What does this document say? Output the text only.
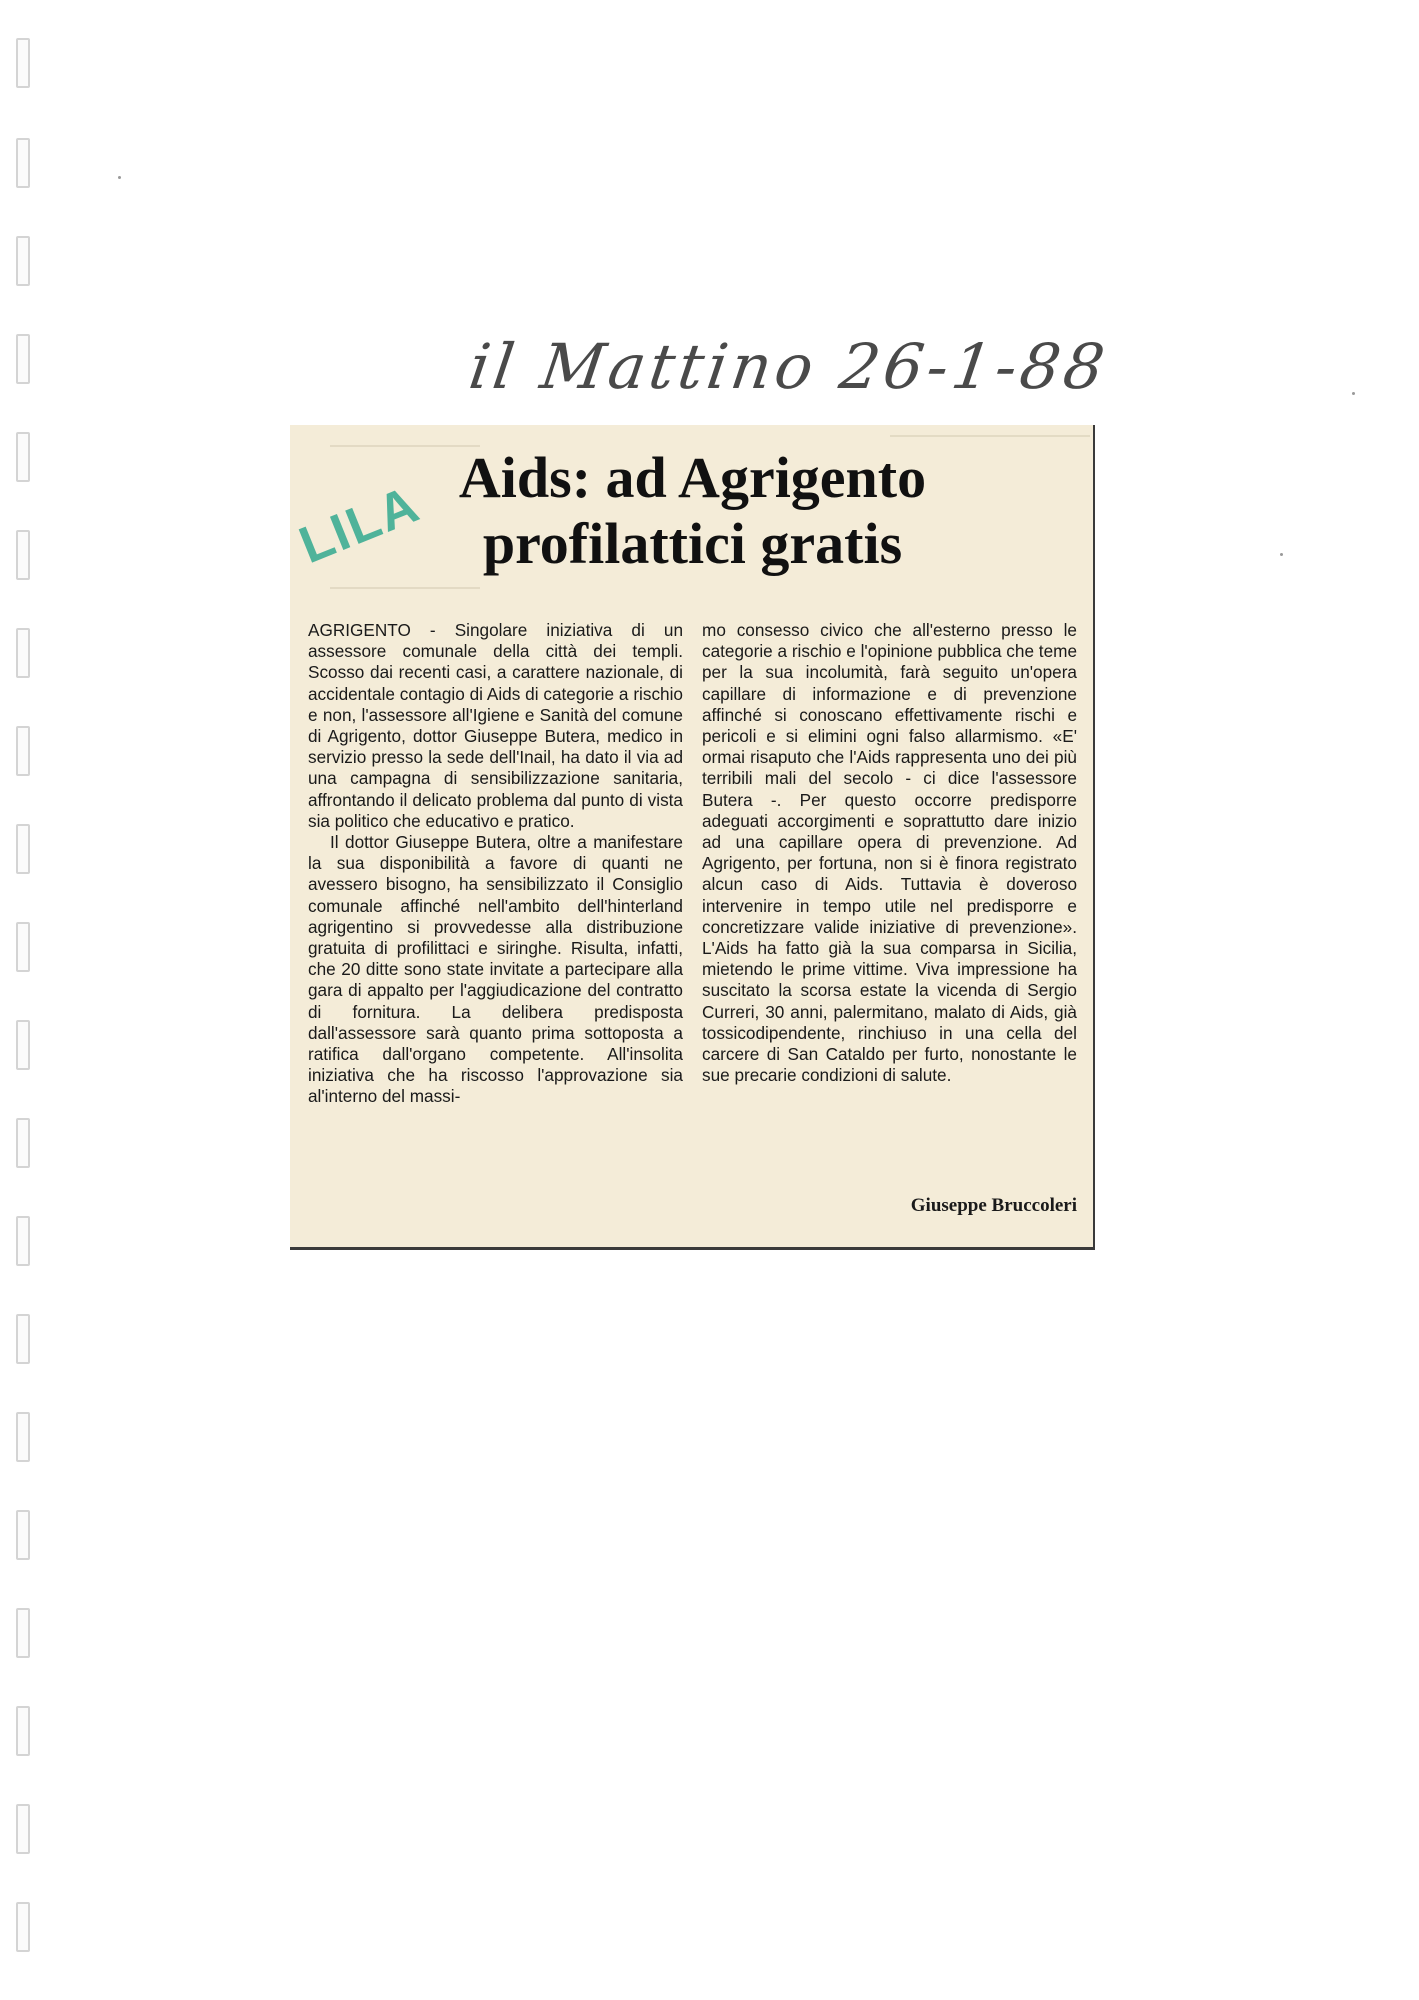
il Mattino 26-1-88
LILA Aids: ad Agrigento
profilattici gratis

AGRIGENTO - Singolare iniziativa di un assessore comunale della città dei templi. Scosso dai recenti casi, a carattere nazionale, di accidentale contagio di Aids di categorie a rischio e non, l'assessore all'Igiene e Sanità del comune di Agrigento, dottor Giuseppe Butera, medico in servizio presso la sede dell'Inail, ha dato il via ad una campagna di sensibilizzazione sanitaria, affrontando il delicato problema dal punto di vista sia politico che educativo e pratico.

Il dottor Giuseppe Butera, oltre a manifestare la sua disponibilità a favore di quanti ne avessero bisogno, ha sensibilizzato il Consiglio comunale affinché nell'ambito dell'hinterland agrigentino si provvedesse alla distribuzione gratuita di profilittaci e siringhe. Risulta, infatti, che 20 ditte sono state invitate a partecipare alla gara di appalto per l'aggiudicazione del contratto di fornitura. La delibera predisposta dall'assessore sarà quanto prima sottoposta a ratifica dall'organo competente. All'insolita iniziativa che ha riscosso l'approvazione sia al'interno del massi-

mo consesso civico che all'esterno presso le categorie a rischio e l'opinione pubblica che teme per la sua incolumità, farà seguito un'opera capillare di informazione e di prevenzione affinché si conoscano effettivamente rischi e pericoli e si elimini ogni falso allarmismo. «E' ormai risaputo che l'Aids rappresenta uno dei più terribili mali del secolo - ci dice l'assessore Butera -. Per questo occorre predisporre adeguati accorgimenti e soprattutto dare inizio ad una capillare opera di prevenzione. Ad Agrigento, per fortuna, non si è finora registrato alcun caso di Aids. Tuttavia è doveroso intervenire in tempo utile nel predisporre e concretizzare valide iniziative di prevenzione». L'Aids ha fatto già la sua comparsa in Sicilia, mietendo le prime vittime. Viva impressione ha suscitato la scorsa estate la vicenda di Sergio Curreri, 30 anni, palermitano, malato di Aids, già tossicodipendente, rinchiuso in una cella del carcere di San Cataldo per furto, nonostante le sue precarie condizioni di salute.

Giuseppe Bruccoleri
